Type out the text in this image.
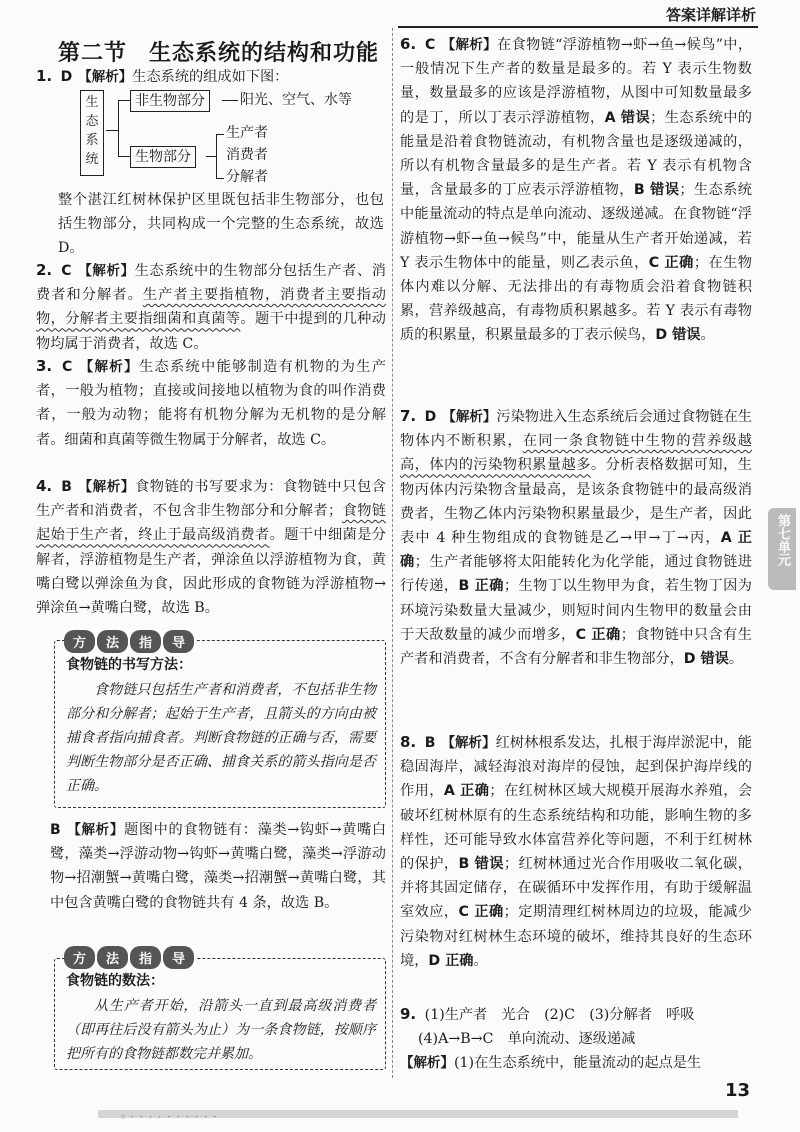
答案详解详析
第二节 生态系统的结构和功能

1. D 【解析】生态系统的组成如下图：

生态系统
非生物部分	阳光、空气、水等
生物部分
生产者
消费者
分解者

整个湛江红树林保护区里既包括非生物部分，也包括生物部分，共同构成一个完整的生态系统，故选 D。

2. C 【解析】生态系统中的生物部分包括生产者、消费者和分解者。生产者主要指植物，消费者主要指动物，分解者主要指细菌和真菌等。题干中提到的几种动物均属于消费者，故选 C。

3. C 【解析】生态系统中能够制造有机物的为生产者，一般为植物；直接或间接地以植物为食的叫作消费者，一般为动物；能将有机物分解为无机物的是分解者。细菌和真菌等微生物属于分解者，故选 C。

4. B 【解析】食物链的书写要求为：食物链中只包含生产者和消费者，不包含非生物部分和分解者；食物链起始于生产者，终止于最高级消费者。题干中细菌是分解者，浮游植物是生产者，弹涂鱼以浮游植物为食，黄嘴白鹭以弹涂鱼为食，因此形成的食物链为浮游植物→弹涂鱼→黄嘴白鹭，故选 B。

方 法 指 导
食物链的书写方法：

食物链只包括生产者和消费者，不包括非生物部分和分解者；起始于生产者，且箭头的方向由被捕食者指向捕食者。判断食物链的正确与否，需要判断生物部分是否正确、捕食关系的箭头指向是否正确。

B 【解析】题图中的食物链有：藻类→钩虾→黄嘴白鹭，藻类→浮游动物→钩虾→黄嘴白鹭，藻类→浮游动物→招潮蟹→黄嘴白鹭，藻类→招潮蟹→黄嘴白鹭，其中包含黄嘴白鹭的食物链共有 4 条，故选 B。

方 法 指 导
食物链的数法：

从生产者开始，沿箭头一直到最高级消费者（即再往后没有箭头为止）为一条食物链，按顺序把所有的食物链都数完并累加。

6. C 【解析】在食物链“浮游植物→虾→鱼→候鸟”中，一般情况下生产者的数量是最多的。若 Y 表示生物数量，数量最多的应该是浮游植物，从图中可知数量最多的是丁，所以丁表示浮游植物，A 错误；生态系统中的能量是沿着食物链流动，有机物含量也是逐级递减的，所以有机物含量最多的是生产者。若 Y 表示有机物含量，含量最多的丁应表示浮游植物，B 错误；生态系统中能量流动的特点是单向流动、逐级递减。在食物链“浮游植物→虾→鱼→候鸟”中，能量从生产者开始递减，若 Y 表示生物体中的能量，则乙表示鱼，C 正确；在生物体内难以分解、无法排出的有毒物质会沿着食物链积累，营养级越高，有毒物质积累越多。若 Y 表示有毒物质的积累量，积累量最多的丁表示候鸟，D 错误。

7. D 【解析】污染物进入生态系统后会通过食物链在生物体内不断积累，在同一条食物链中生物的营养级越高，体内的污染物积累量越多。分析表格数据可知，生物丙体内污染物含量最高，是该条食物链中的最高级消费者，生物乙体内污染物积累量最少，是生产者，因此表中 4 种生物组成的食物链是乙→甲→丁→丙，A 正确；生产者能够将太阳能转化为化学能，通过食物链进行传递，B 正确；生物丁以生物甲为食，若生物丁因为环境污染数量大量减少，则短时间内生物甲的数量会由于天敌数量的减少而增多，C 正确；食物链中只含有生产者和消费者，不含有分解者和非生物部分，D 错误。

8. B 【解析】红树林根系发达，扎根于海岸淤泥中，能稳固海岸，减轻海浪对海岸的侵蚀，起到保护海岸线的作用，A 正确；在红树林区域大规模开展海水养殖，会破坏红树林原有的生态系统结构和功能，影响生物的多样性，还可能导致水体富营养化等问题，不利于红树林的保护，B 错误；红树林通过光合作用吸收二氧化碳，并将其固定储存，在碳循环中发挥作用，有助于缓解温室效应，C 正确；定期清理红树林周边的垃圾，能减少污染物对红树林生态环境的破坏，维持其良好的生态环境，D 正确。

9. (1)生产者　光合　(2)C　(3)分解者　呼吸

(4)A→B→C　单向流动、逐级递减

【解析】(1)在生态系统中，能量流动的起点是生

第七单元
13
☆ ・ ・ ・ ・ ・ ・ ・ ・ ・ ・
